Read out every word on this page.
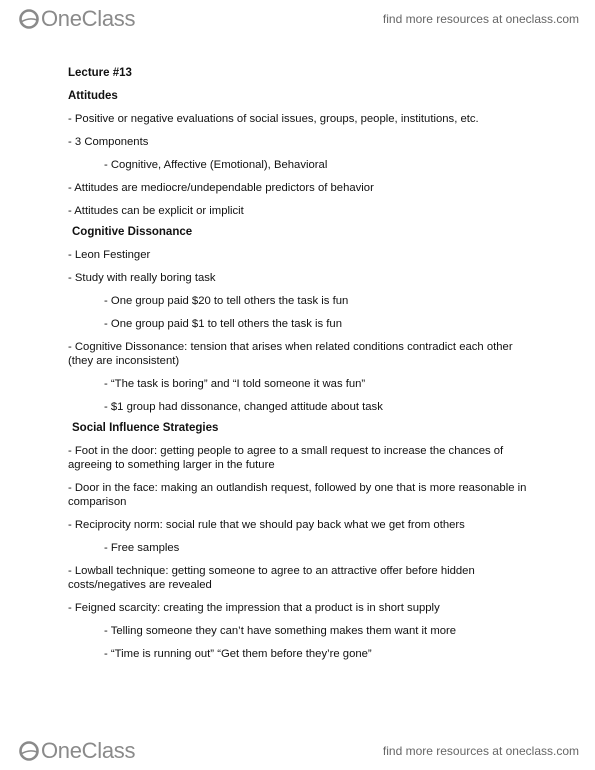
OneClass	find more resources at oneclass.com
Lecture #13
Attitudes
- Positive or negative evaluations of social issues, groups, people, institutions, etc.
- 3 Components
- Cognitive, Affective (Emotional), Behavioral
- Attitudes are mediocre/undependable predictors of behavior
- Attitudes can be explicit or implicit
Cognitive Dissonance
- Leon Festinger
- Study with really boring task
- One group paid $20 to tell others the task is fun
- One group paid $1 to tell others the task is fun
- Cognitive Dissonance: tension that arises when related conditions contradict each other (they are inconsistent)
- “The task is boring” and “I told someone it was fun”
- $1 group had dissonance, changed attitude about task
Social Influence Strategies
- Foot in the door: getting people to agree to a small request to increase the chances of agreeing to something larger in the future
- Door in the face: making an outlandish request, followed by one that is more reasonable in comparison
- Reciprocity norm: social rule that we should pay back what we get from others
- Free samples
- Lowball technique: getting someone to agree to an attractive offer before hidden costs/negatives are revealed
- Feigned scarcity: creating the impression that a product is in short supply
- Telling someone they can’t have something makes them want it more
- “Time is running out” “Get them before they’re gone”
OneClass	find more resources at oneclass.com
